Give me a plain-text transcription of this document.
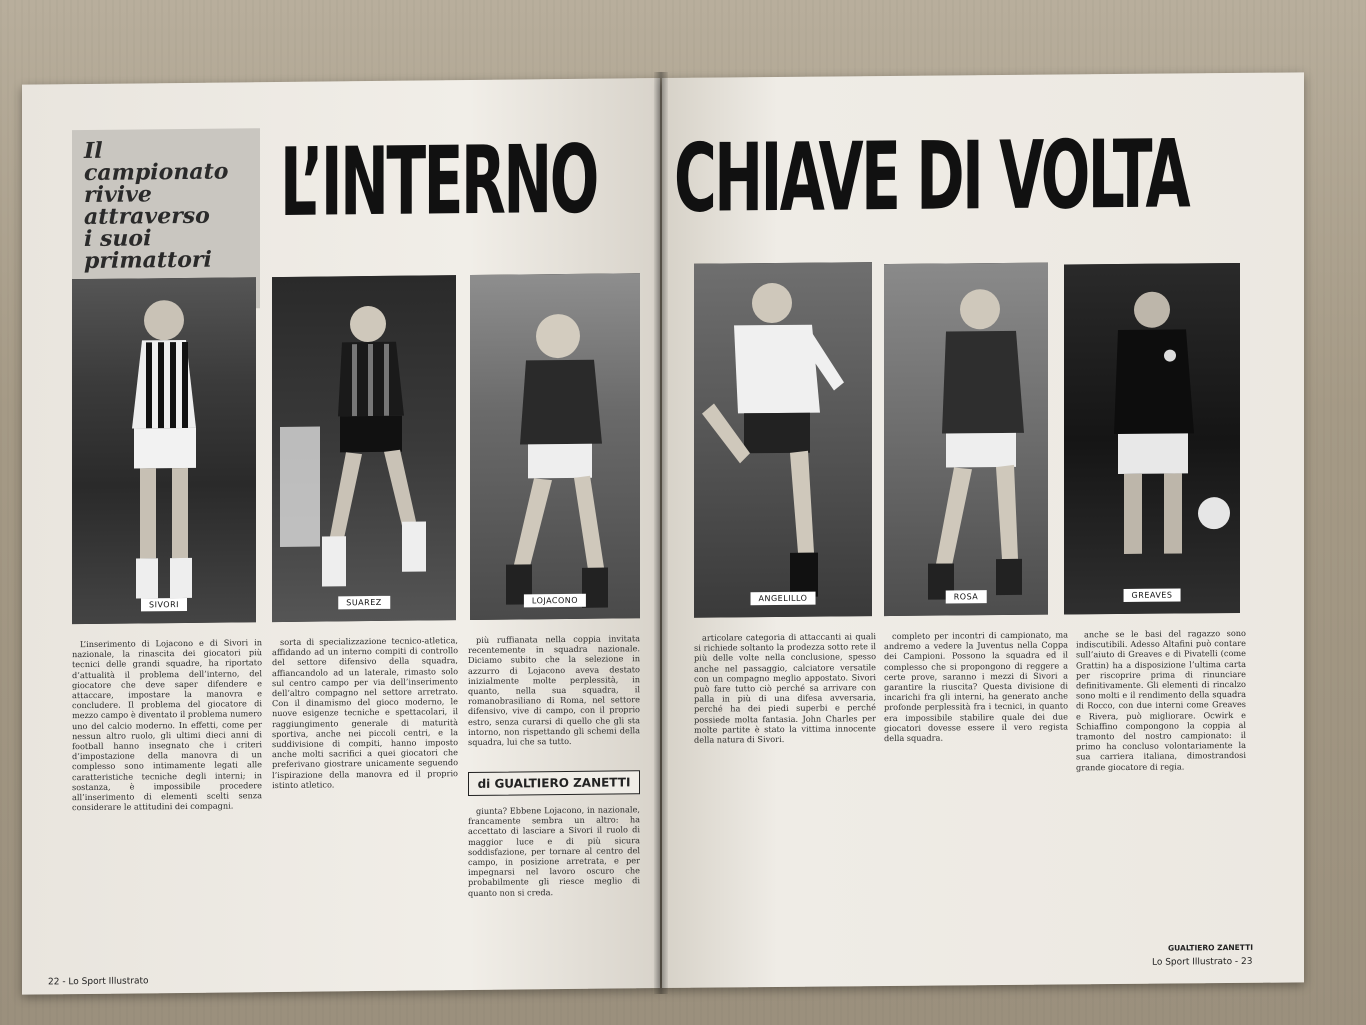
Il campionato
rivive
attraverso
i suoi
primattori
L’INTERNO
SIVORI	SUAREZ	LOJACONO

L’inserimento di Lojacono e di Sivori in nazionale, la rinascita dei giocatori più tecnici delle grandi squadre, ha riportato d’attualità il problema dell’interno, del giocatore che deve saper difendere e attaccare, impostare la manovra e concludere. Il problema del giocatore di mezzo campo è diventato il problema numero uno del calcio moderno. In effetti, come per nessun altro ruolo, gli ultimi dieci anni di football hanno insegnato che i criteri d’impostazione della manovra di un complesso sono intimamente legati alle caratteristiche tecniche degli interni; in sostanza, è impossibile procedere all’inserimento di elementi scelti senza considerare le attitudini dei compagni.

sorta di specializzazione tecnico-atletica, affidando ad un interno compiti di controllo del settore difensivo della squadra, affiancandolo ad un laterale, rimasto solo sul centro campo per via dell’inserimento dell’altro compagno nel settore arretrato. Con il dinamismo del gioco moderno, le nuove esigenze tecniche e spettacolari, il raggiungimento generale di maturità sportiva, anche nei piccoli centri, e la suddivisione di compiti, hanno imposto anche molti sacrifici a quei giocatori che preferivano giostrare unicamente seguendo l’ispirazione della manovra ed il proprio istinto atletico.

più ruffianata nella coppia invitata recentemente in squadra nazionale. Diciamo subito che la selezione in azzurro di Lojacono aveva destato inizialmente molte perplessità, in quanto, nella sua squadra, il romanobrasiliano di Roma, nel settore difensivo, vive di campo, con il proprio estro, senza curarsi di quello che gli sta intorno, non rispettando gli schemi della squadra, lui che sa tutto.

di GUALTIERO ZANETTI

giunta? Ebbene Lojacono, in nazionale, francamente sembra un altro: ha accettato di lasciare a Sivori il ruolo di maggior luce e di più sicura soddisfazione, per tornare al centro del campo, in posizione arretrata, e per impegnarsi nel lavoro oscuro che probabilmente gli riesce meglio di quanto non si creda.

22 - Lo Sport Illustrato
CHIAVE DI VOLTA
ANGELILLO	ROSA	GREAVES

articolare categoria di attaccanti ai quali si richiede soltanto la prodezza sotto rete il più delle volte nella conclusione, spesso anche nel passaggio, calciatore versatile con un compagno meglio appostato. Sivori può fare tutto ciò perché sa arrivare con palla in più di una difesa avversaria, perché ha dei piedi superbi e perché possiede molta fantasia. John Charles per molte partite è stato la vittima innocente della natura di Sivori.

completo per incontri di campionato, ma andremo a vedere la Juventus nella Coppa dei Campioni. Possono la squadra ed il complesso che si propongono di reggere a certe prove, saranno i mezzi di Sivori a garantire la riuscita? Questa divisione di incarichi fra gli interni, ha generato anche profonde perplessità fra i tecnici, in quanto era impossibile stabilire quale dei due giocatori dovesse essere il vero regista della squadra.

anche se le basi del ragazzo sono indiscutibili. Adesso Altafini può contare sull’aiuto di Greaves e di Pivatelli (come Grattin) ha a disposizione l’ultima carta per riscoprire prima di rinunciare definitivamente. Gli elementi di rincalzo sono molti e il rendimento della squadra di Rocco, con due interni come Greaves e Rivera, può migliorare. Ocwirk e Schiaffino compongono la coppia al tramonto del nostro campionato: il primo ha concluso volontariamente la sua carriera italiana, dimostrandosi grande giocatore di regia.

GUALTIERO ZANETTI
Lo Sport Illustrato - 23
